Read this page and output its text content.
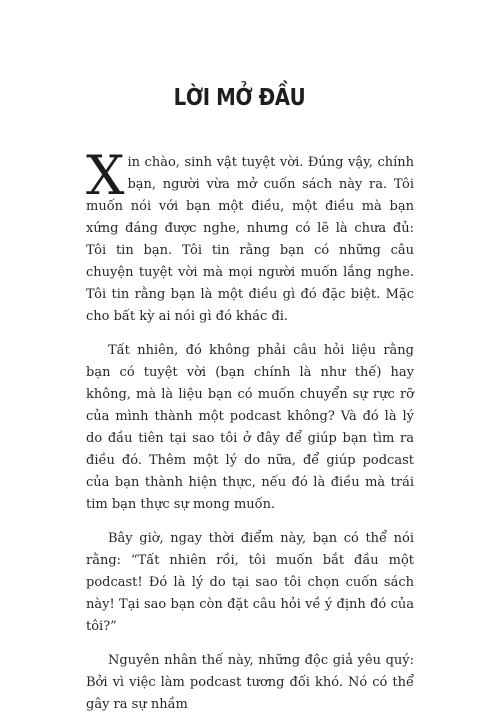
LỜI MỞ ĐẦU

Xin chào, sinh vật tuyệt vời. Đúng vậy, chính bạn, người vừa mở cuốn sách này ra. Tôi muốn nói với bạn một điều, một điều mà bạn xứng đáng được nghe, nhưng có lẽ là chưa đủ: Tôi tin bạn. Tôi tin rằng bạn có những câu chuyện tuyệt vời mà mọi người muốn lắng nghe. Tôi tin rằng bạn là một điều gì đó đặc biệt. Mặc cho bất kỳ ai nói gì đó khác đi.

Tất nhiên, đó không phải câu hỏi liệu rằng bạn có tuyệt vời (bạn chính là như thế) hay không, mà là liệu bạn có muốn chuyển sự rực rỡ của mình thành một podcast không? Và đó là lý do đầu tiên tại sao tôi ở đây để giúp bạn tìm ra điều đó. Thêm một lý do nữa, để giúp podcast của bạn thành hiện thực, nếu đó là điều mà trái tim bạn thực sự mong muốn.

Bây giờ, ngay thời điểm này, bạn có thể nói rằng: “Tất nhiên rồi, tôi muốn bắt đầu một podcast! Đó là lý do tại sao tôi chọn cuốn sách này! Tại sao bạn còn đặt câu hỏi về ý định đó của tôi?”

Nguyên nhân thế này, những độc giả yêu quý: Bởi vì việc làm podcast tương đối khó. Nó có thể gây ra sự nhầm
